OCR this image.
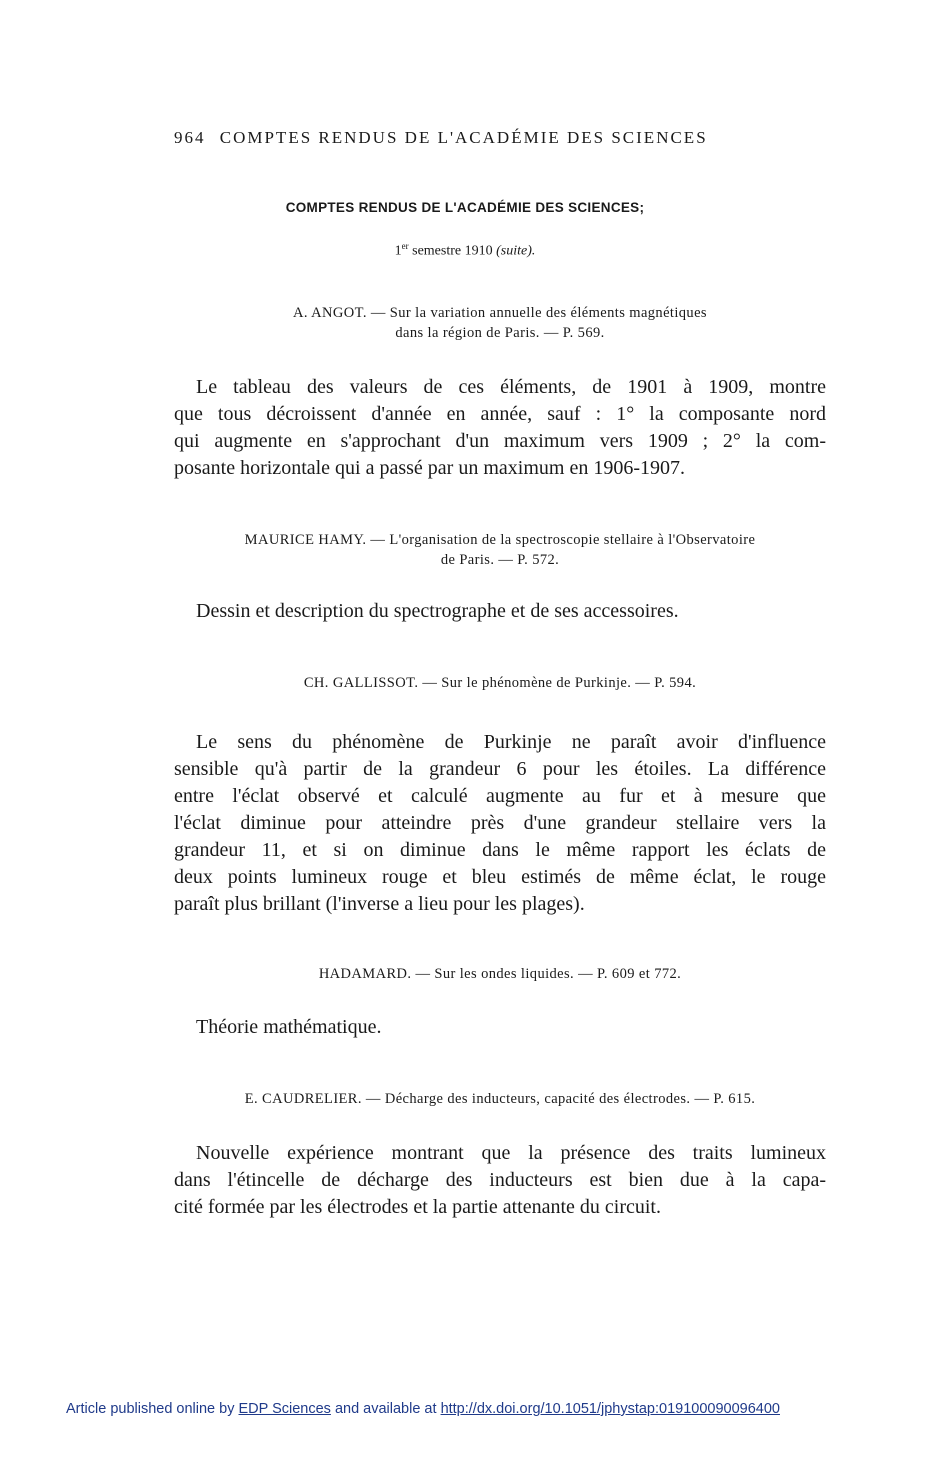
964 COMPTES RENDUS DE L'ACADÉMIE DES SCIENCES
COMPTES RENDUS DE L'ACADÉMIE DES SCIENCES;
1er semestre 1910 (suite).
A. ANGOT. — Sur la variation annuelle des éléments magnétiques
dans la région de Paris. — P. 569.
Le tableau des valeurs de ces éléments, de 1901 à 1909, montre
que tous décroissent d'année en année, sauf : 1° la composante nord
qui augmente en s'approchant d'un maximum vers 1909 ; 2° la com-
posante horizontale qui a passé par un maximum en 1906-1907.
MAURICE HAMY. — L'organisation de la spectroscopie stellaire à l'Observatoire
de Paris. — P. 572.
Dessin et description du spectrographe et de ses accessoires.
CH. GALLISSOT. — Sur le phénomène de Purkinje. — P. 594.
Le sens du phénomène de Purkinje ne paraît avoir d'influence
sensible qu'à partir de la grandeur 6 pour les étoiles. La différence
entre l'éclat observé et calculé augmente au fur et à mesure que
l'éclat diminue pour atteindre près d'une grandeur stellaire vers la
grandeur 11, et si on diminue dans le même rapport les éclats de
deux points lumineux rouge et bleu estimés de même éclat, le rouge
paraît plus brillant (l'inverse a lieu pour les plages).
HADAMARD. — Sur les ondes liquides. — P. 609 et 772.
Théorie mathématique.
E. CAUDRELIER. — Décharge des inducteurs, capacité des électrodes. — P. 615.
Nouvelle expérience montrant que la présence des traits lumineux
dans l'étincelle de décharge des inducteurs est bien due à la capa-
cité formée par les électrodes et la partie attenante du circuit.
Article published online by EDP Sciences and available at http://dx.doi.org/10.1051/jphystap:019100090096400
